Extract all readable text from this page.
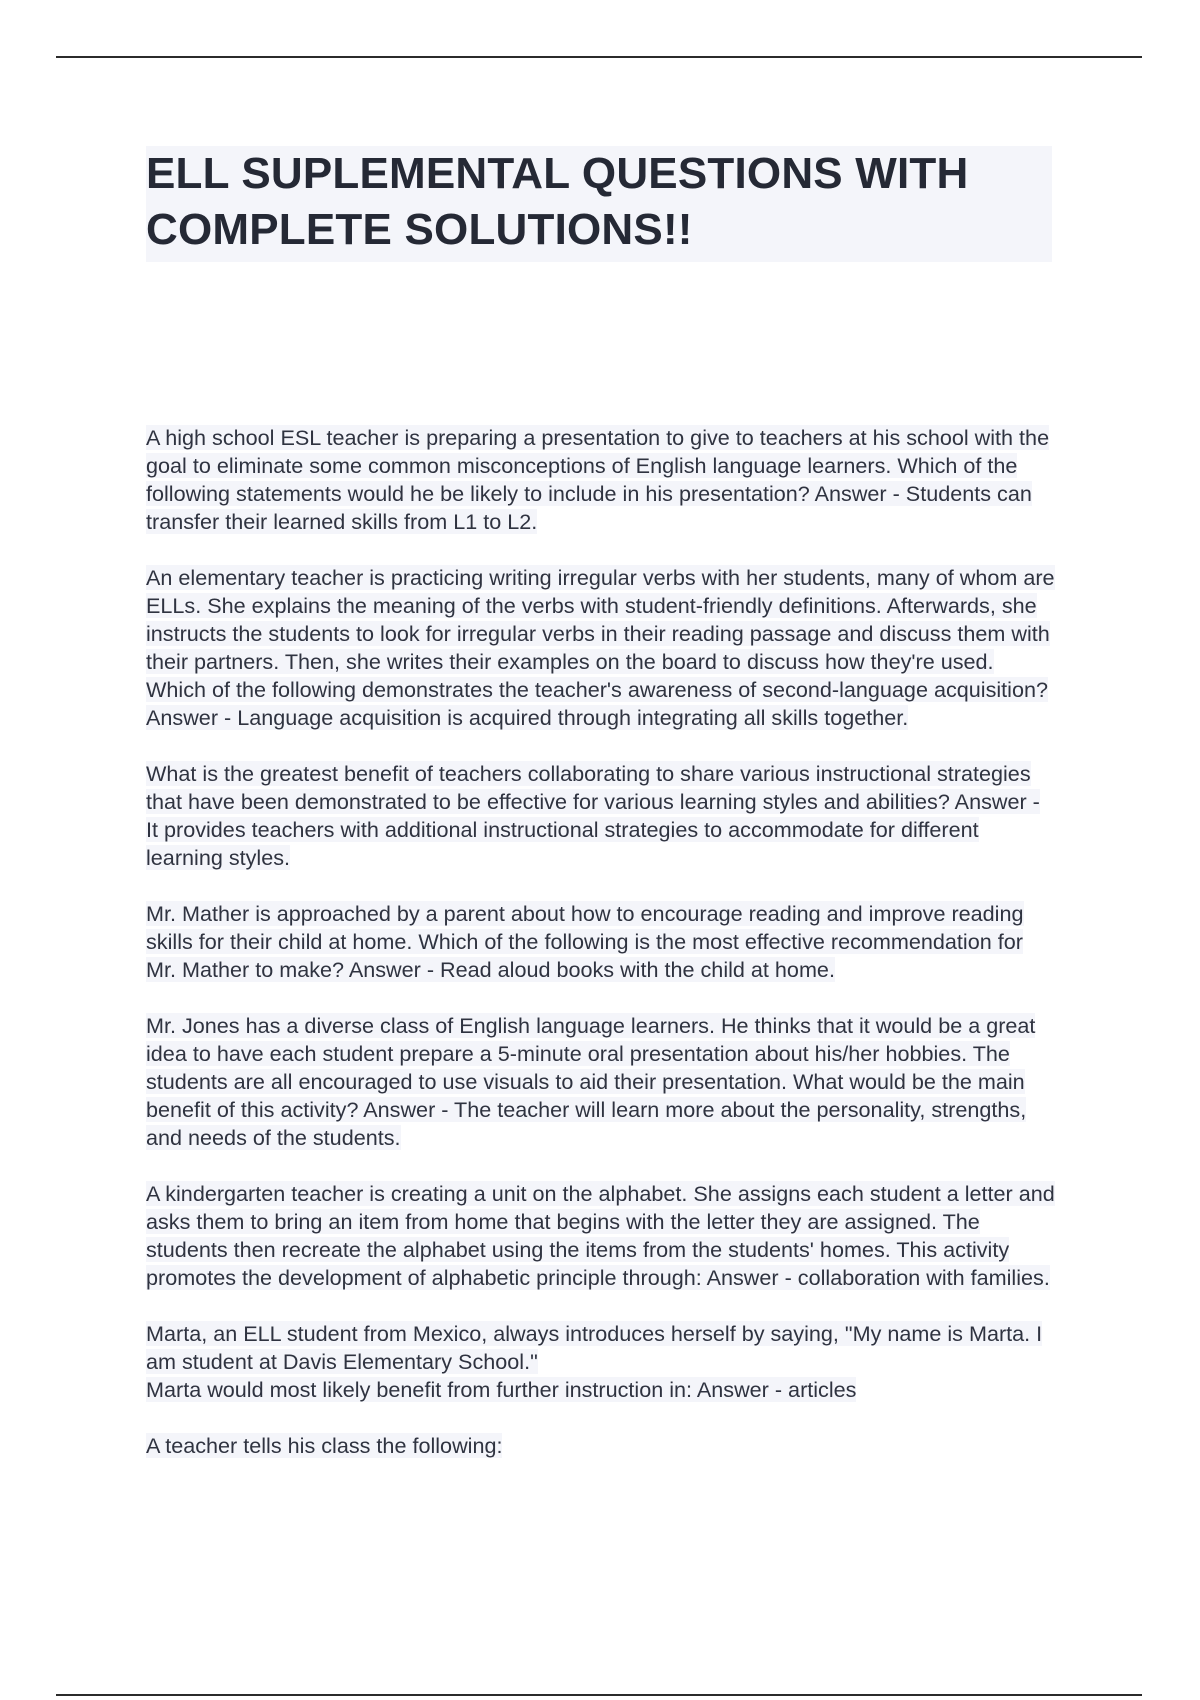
ELL SUPLEMENTAL QUESTIONS WITH
COMPLETE SOLUTIONS!!

A high school ESL teacher is preparing a presentation to give to teachers at his school with the goal to eliminate some common misconceptions of English language learners. Which of the following statements would he be likely to include in his presentation? Answer - Students can transfer their learned skills from L1 to L2.

An elementary teacher is practicing writing irregular verbs with her students, many of whom are ELLs. She explains the meaning of the verbs with student-friendly definitions. Afterwards, she instructs the students to look for irregular verbs in their reading passage and discuss them with their partners. Then, she writes their examples on the board to discuss how they're used. Which of the following demonstrates the teacher's awareness of second-language acquisition? Answer - Language acquisition is acquired through integrating all skills together.

What is the greatest benefit of teachers collaborating to share various instructional strategies that have been demonstrated to be effective for various learning styles and abilities? Answer - It provides teachers with additional instructional strategies to accommodate for different learning styles.

Mr. Mather is approached by a parent about how to encourage reading and improve reading skills for their child at home. Which of the following is the most effective recommendation for Mr. Mather to make? Answer - Read aloud books with the child at home.

Mr. Jones has a diverse class of English language learners. He thinks that it would be a great idea to have each student prepare a 5-minute oral presentation about his/her hobbies. The students are all encouraged to use visuals to aid their presentation. What would be the main benefit of this activity? Answer - The teacher will learn more about the personality, strengths, and needs of the students.

A kindergarten teacher is creating a unit on the alphabet. She assigns each student a letter and asks them to bring an item from home that begins with the letter they are assigned. The students then recreate the alphabet using the items from the students' homes. This activity promotes the development of alphabetic principle through: Answer - collaboration with families.

Marta, an ELL student from Mexico, always introduces herself by saying, "My name is Marta. I am student at Davis Elementary School."
Marta would most likely benefit from further instruction in: Answer - articles

A teacher tells his class the following:
